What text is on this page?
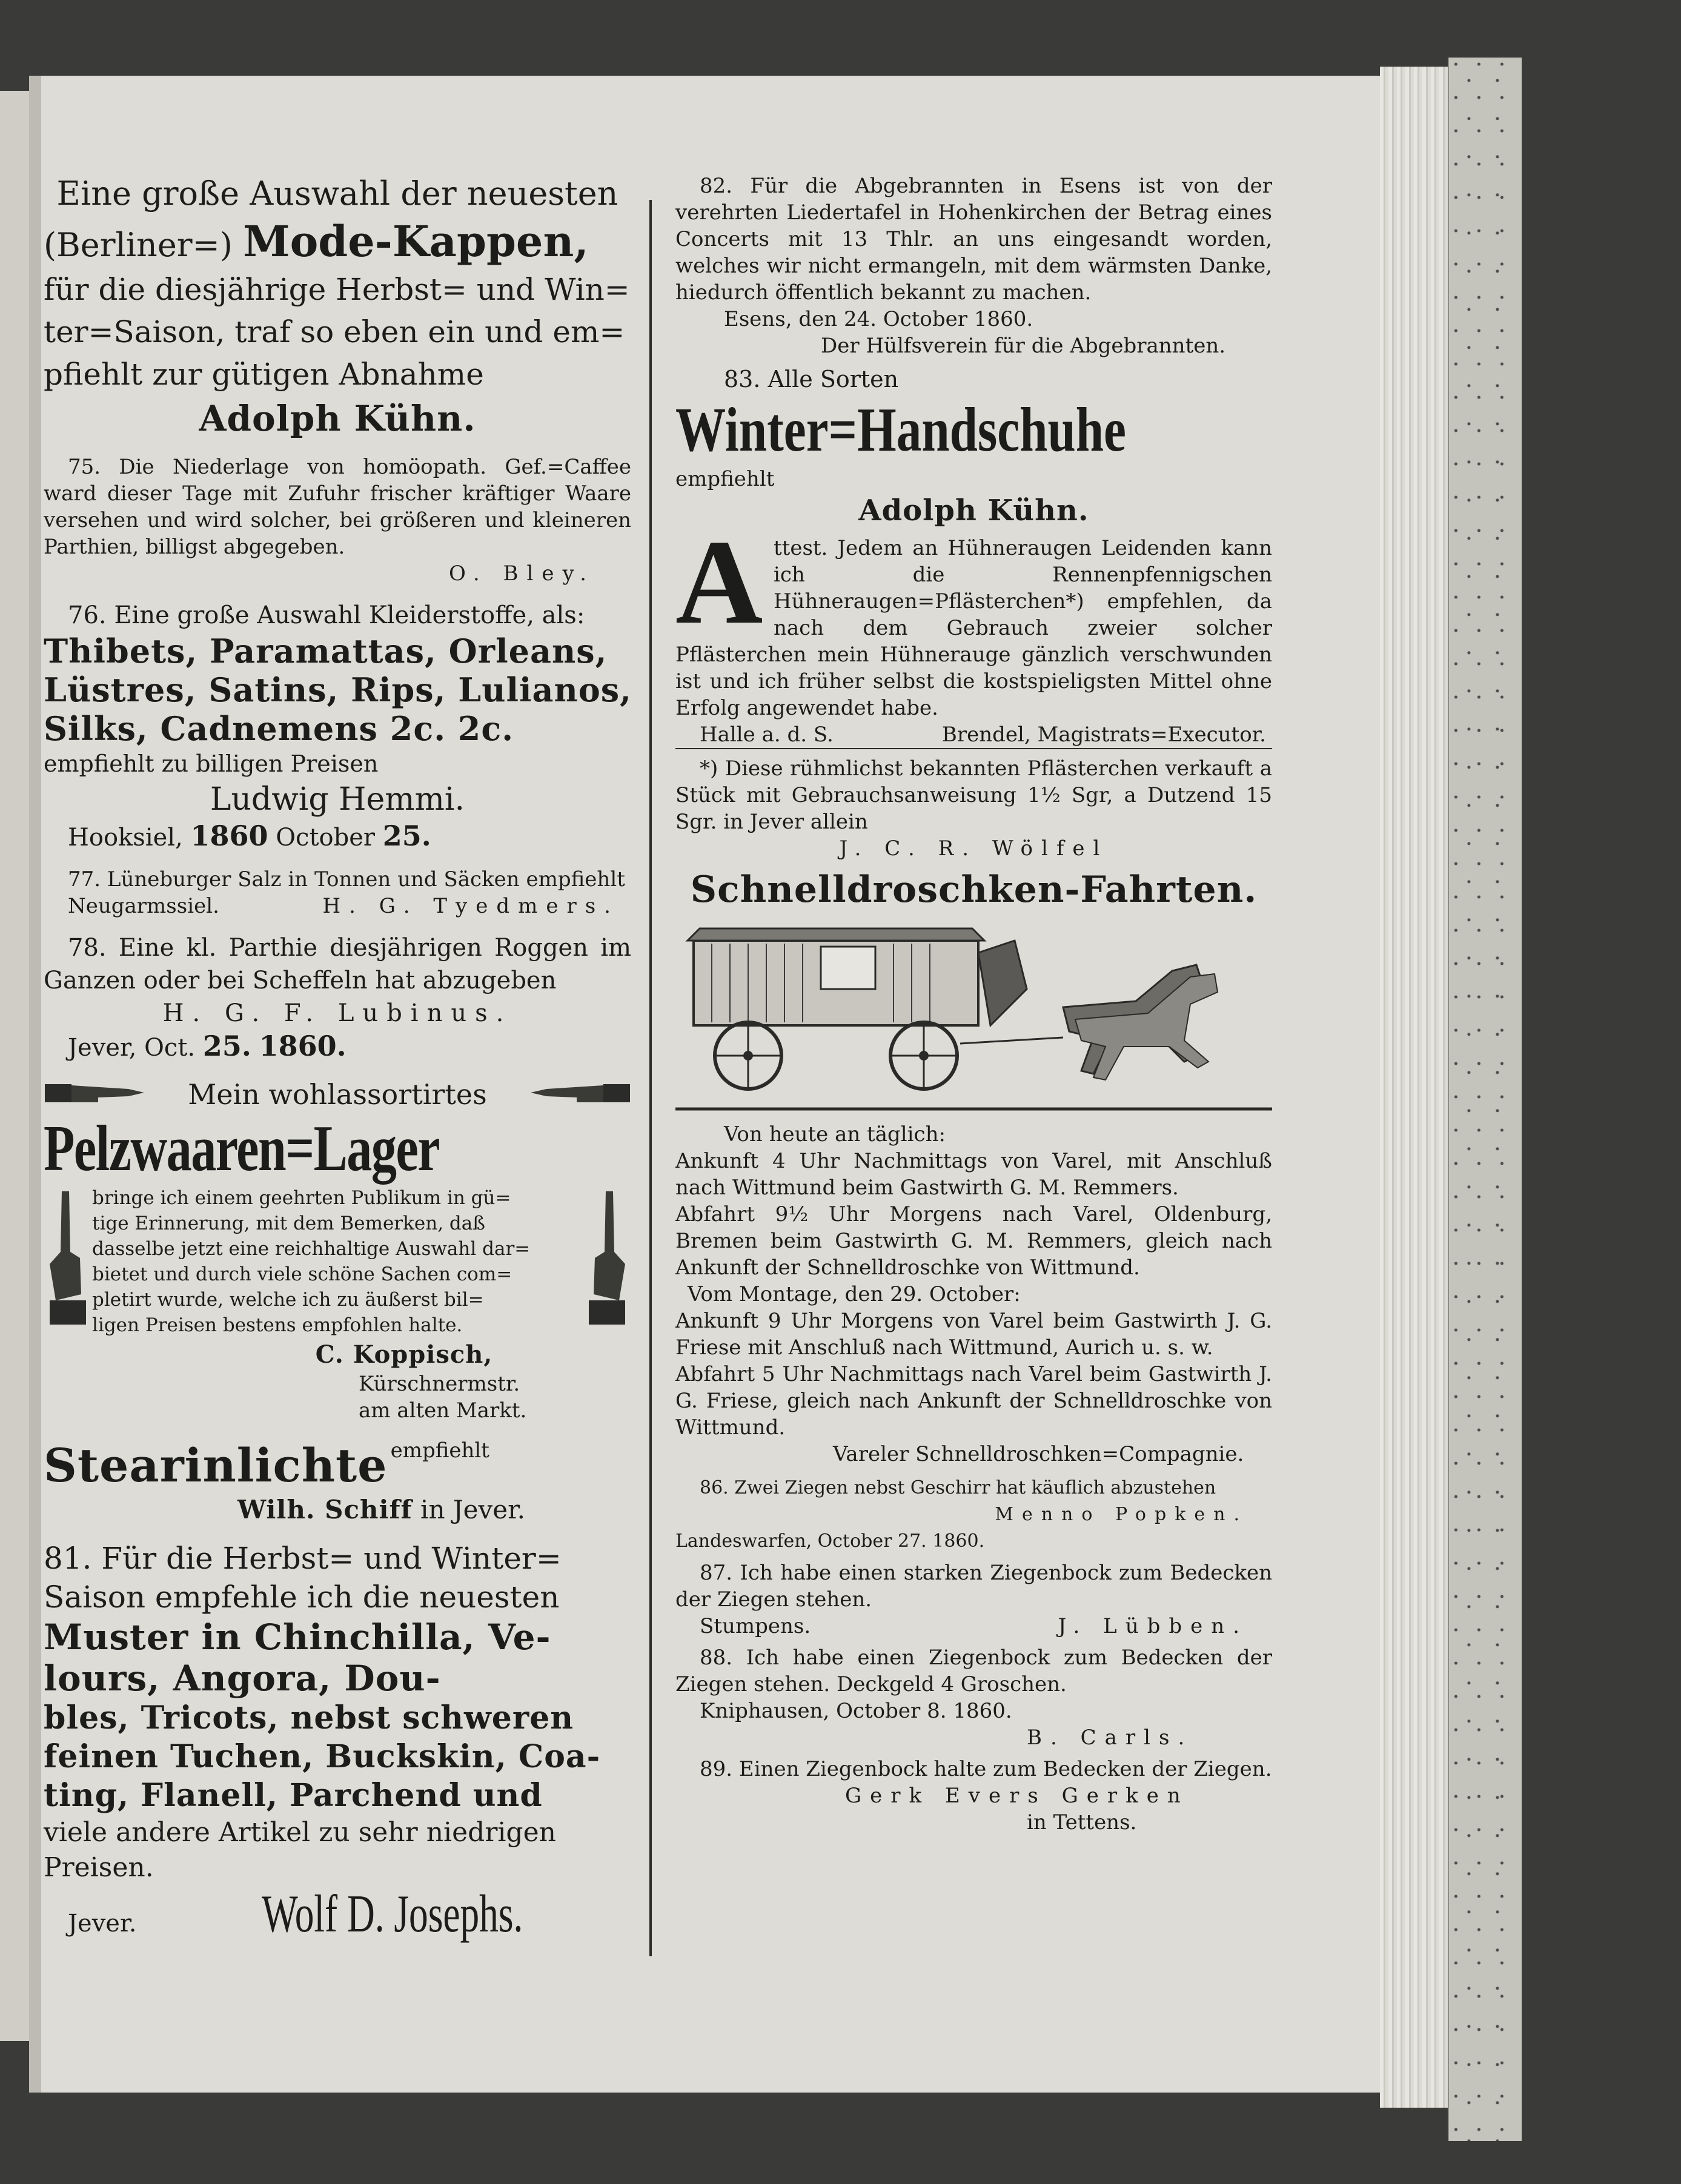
Eine große Auswahl der neuesten
(Berliner=) Mode-Kappen,
für die diesjährige Herbst= und Win=
ter=Saison, traf so eben ein und em=
pfiehlt zur gütigen Abnahme
Adolph Kühn.
75. Die Niederlage von homöopath. Gef.=Caffee ward dieser Tage mit Zufuhr frischer kräftiger Waare versehen und wird solcher, bei größeren und kleineren Parthien, billigst abgegeben.
O. Bley.
76. Eine große Auswahl Kleiderstoffe, als:
Thibets, Paramattas, Orleans,
Lüstres, Satins, Rips, Lulianos,
Silks, Cadnemens 2c. 2c.
empfiehlt zu billigen Preisen
Ludwig Hemmi.
Hooksiel, 1860 October 25.
77. Lüneburger Salz in Tonnen und Säcken empfiehlt
Neugarmssiel.	H. G. Tyedmers.
78. Eine kl. Parthie diesjährigen Roggen im Ganzen oder bei Scheffeln hat abzugeben
H. G. F. Lubinus.
Jever, Oct. 25. 1860.
Mein wohlassortirtes
Pelzwaaren=Lager
bringe ich einem geehrten Publikum in gü=
tige Erinnerung, mit dem Bemerken, daß
dasselbe jetzt eine reichhaltige Auswahl dar=
bietet und durch viele schöne Sachen com=
pletirt wurde, welche ich zu äußerst bil=
ligen Preisen bestens empfohlen halte.
C. Koppisch,
Kürschnermstr.
am alten Markt.
Stearinlichte empfiehlt
Wilh. Schiff in Jever.
81. Für die Herbst= und Winter=
Saison empfehle ich die neuesten
Muster in Chinchilla, Ve-
lours, Angora, Dou-
bles, Tricots, nebst schweren
feinen Tuchen, Buckskin, Coa-
ting, Flanell, Parchend und
viele andere Artikel zu sehr niedrigen
Preisen.
Jever.	Wolf D. Josephs.
82. Für die Abgebrannten in Esens ist von der verehrten Liedertafel in Hohenkirchen der Betrag eines Concerts mit 13 Thlr. an uns eingesandt worden, welches wir nicht ermangeln, mit dem wärmsten Danke, hiedurch öffentlich bekannt zu machen.
Esens, den 24. October 1860.
Der Hülfsverein für die Abgebrannten.
83. Alle Sorten
Winter=Handschuhe
empfiehlt
Adolph Kühn.
A ttest. Jedem an Hühneraugen Leidenden kann ich die Rennenpfennigschen Hühneraugen=Pflästerchen*) empfehlen, da nach dem Gebrauch zweier solcher Pflästerchen mein Hühnerauge gänzlich verschwunden ist und ich früher selbst die kostspieligsten Mittel ohne Erfolg angewendet habe.
Halle a. d. S.	Brendel, Magistrats=Executor.
*) Diese rühmlichst bekannten Pflästerchen verkauft a Stück mit Gebrauchsanweisung 1½ Sgr, a Dutzend 15 Sgr. in Jever allein
J. C. R. Wölfel
Schnelldroschken-Fahrten.
Von heute an täglich:
Ankunft 4 Uhr Nachmittags von Varel, mit Anschluß nach Wittmund beim Gastwirth G. M. Remmers.
Abfahrt 9½ Uhr Morgens nach Varel, Oldenburg, Bremen beim Gastwirth G. M. Remmers, gleich nach Ankunft der Schnelldroschke von Wittmund.
Vom Montage, den 29. October:
Ankunft 9 Uhr Morgens von Varel beim Gastwirth J. G. Friese mit Anschluß nach Wittmund, Aurich u. s. w.
Abfahrt 5 Uhr Nachmittags nach Varel beim Gastwirth J. G. Friese, gleich nach Ankunft der Schnelldroschke von Wittmund.
Vareler Schnelldroschken=Compagnie.
86. Zwei Ziegen nebst Geschirr hat käuflich abzustehen
Menno Popken.
Landeswarfen, October 27. 1860.
87. Ich habe einen starken Ziegenbock zum Bedecken der Ziegen stehen.
Stumpens.	J. Lübben.
88. Ich habe einen Ziegenbock zum Bedecken der Ziegen stehen. Deckgeld 4 Groschen.
Kniphausen, October 8. 1860.
B. Carls.
89. Einen Ziegenbock halte zum Bedecken der Ziegen.
Gerk Evers Gerken
in Tettens.
